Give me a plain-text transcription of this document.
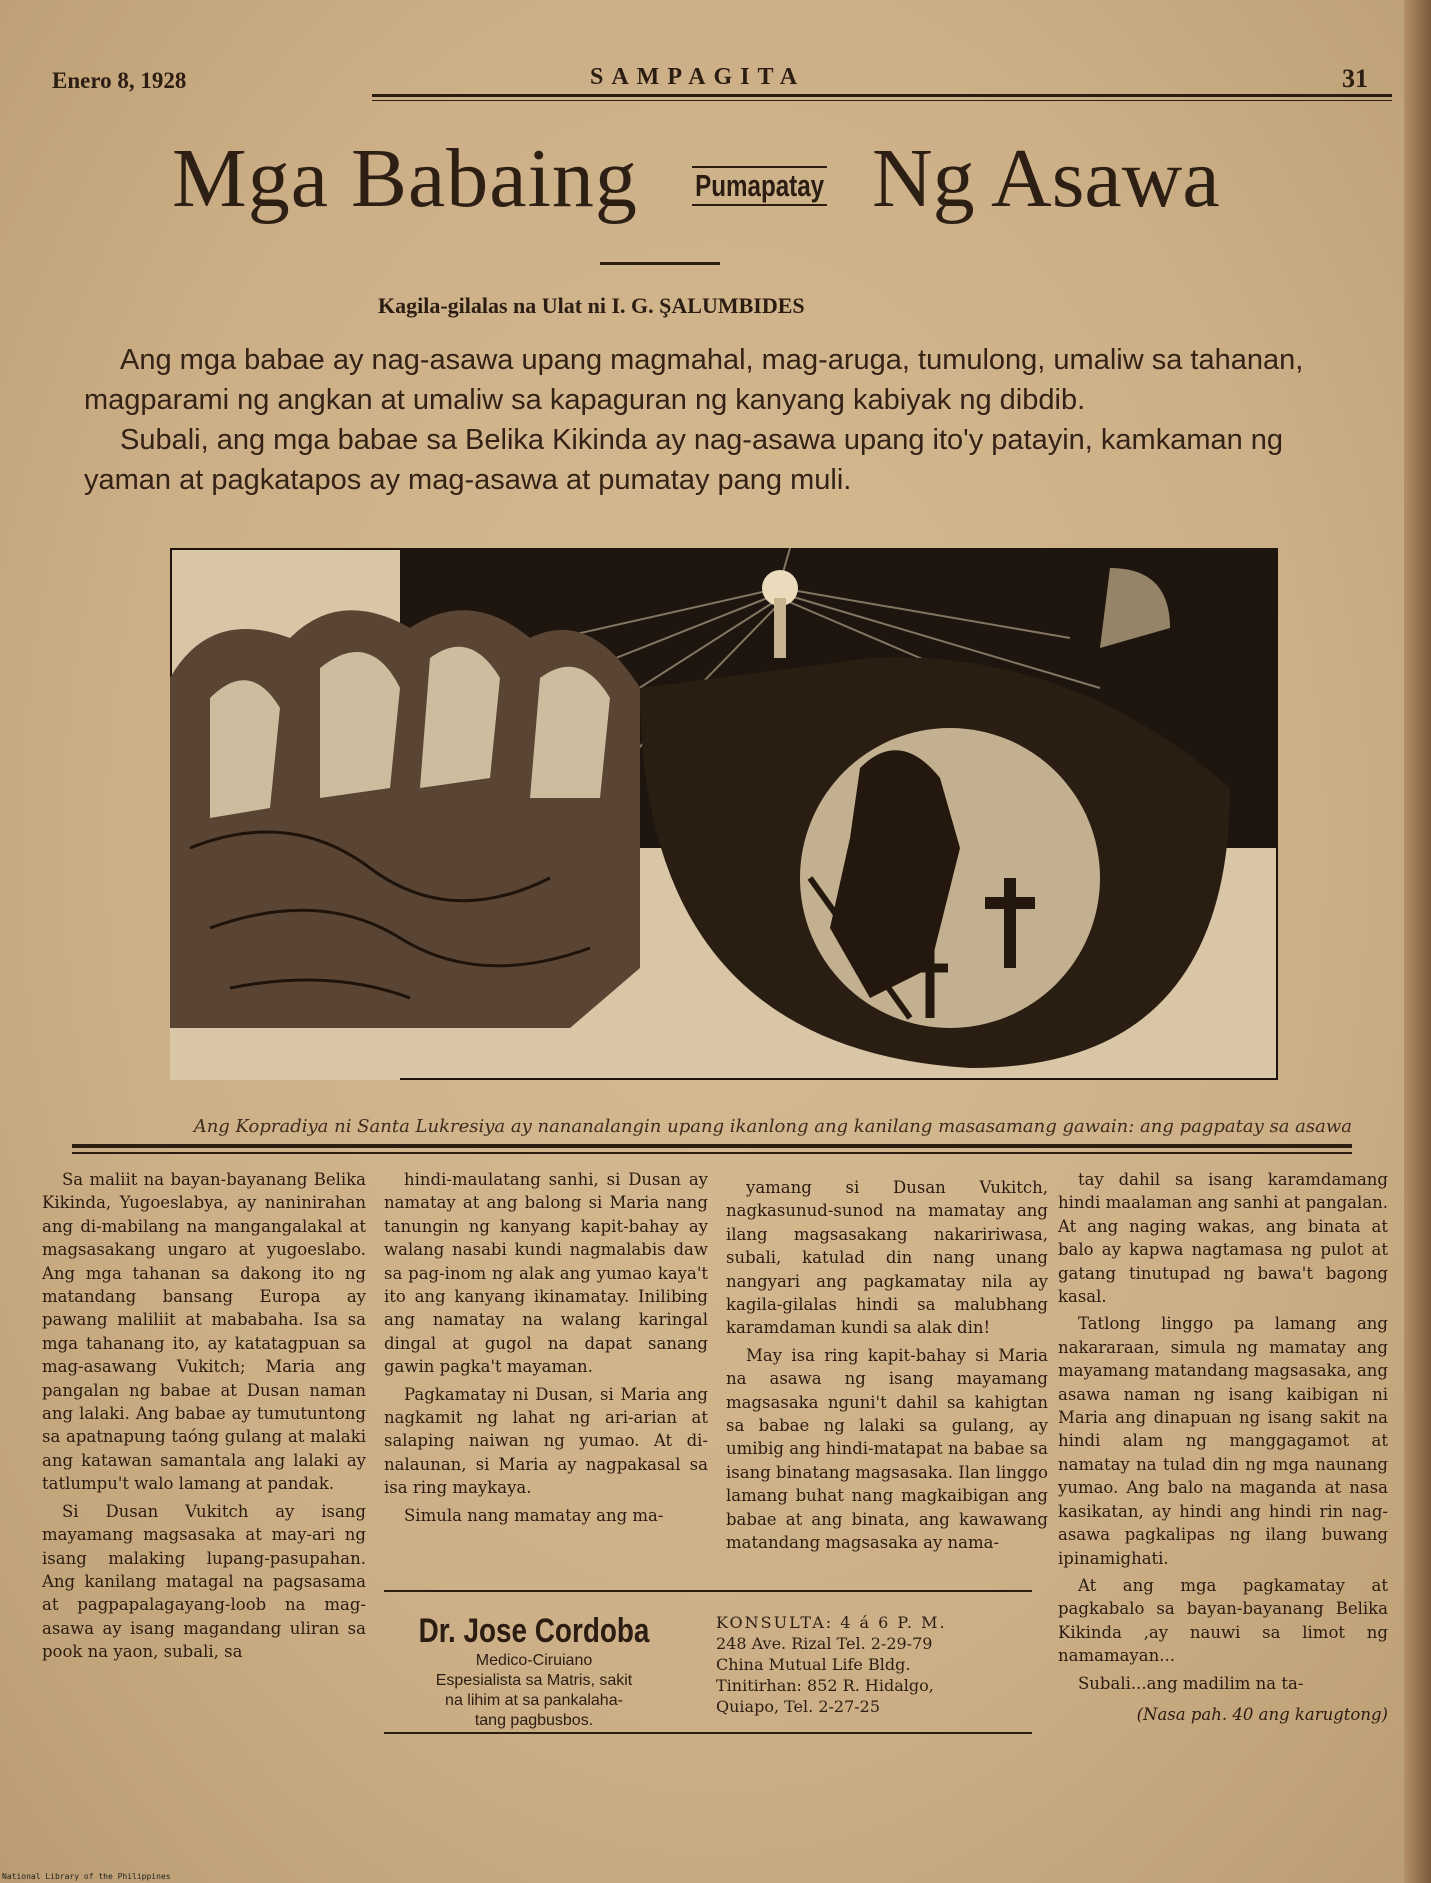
Enero 8, 1928	SAMPAGITA	31
Mga Babaing Pumapatay Ng Asawa
Kagila-gilalas na Ulat ni I. G. ŞALUMBIDES

Ang mga babae ay nag-asawa upang magmahal, mag-aruga, tumulong, umaliw sa tahanan, magparami ng angkan at umaliw sa kapaguran ng kanyang kabiyak ng dibdib.

Subali, ang mga babae sa Belika Kikinda ay nag-asawa upang ito'y patayin, kamkaman ng yaman at pagkatapos ay mag-asawa at pumatay pang muli.

J.R.
Ang Kopradiya ni Santa Lukresiya ay nananalangin upang ikanlong ang kanilang masasamang gawain: ang pagpatay sa asawa

Sa maliit na bayan-bayanang Belika Kikinda, Yugoeslabya, ay naninirahan ang di-mabilang na mangangalakal at magsasakang ungaro at yugoeslabo. Ang mga tahanan sa dakong ito ng matandang bansang Europa ay pawang maliliit at mababaha. Isa sa mga tahanang ito, ay katatagpuan sa mag-asawang Vukitch; Maria ang pangalan ng babae at Dusan naman ang lalaki. Ang babae ay tumutuntong sa apatnapung taóng gulang at malaki ang katawan samantala ang lalaki ay tatlumpu't walo lamang at pandak.

Si Dusan Vukitch ay isang mayamang magsasaka at may-ari ng isang malaking lupang-pasupahan. Ang kanilang matagal na pagsasama at pagpapalagayang-loob na mag-asawa ay isang magandang uliran sa pook na yaon, subali, sa

hindi-maulatang sanhi, si Dusan ay namatay at ang balong si Maria nang tanungin ng kanyang kapit-bahay ay walang nasabi kundi nagmalabis daw sa pag-inom ng alak ang yumao kaya't ito ang kanyang ikinamatay. Inilibing ang namatay na walang karingal dingal at gugol na dapat sanang gawin pagka't mayaman.

Pagkamatay ni Dusan, si Maria ang nagkamit ng lahat ng ari-arian at salaping naiwan ng yumao. At di-nalaunan, si Maria ay nagpakasal sa isa ring maykaya.

Simula nang mamatay ang ma-

yamang si Dusan Vukitch, nagkasunud-sunod na mamatay ang ilang magsasakang nakaririwasa, subali, katulad din nang unang nangyari ang pagkamatay nila ay kagila-gilalas hindi sa malubhang karamdaman kundi sa alak din!

May isa ring kapit-bahay si Maria na asawa ng isang mayamang magsasaka nguni't dahil sa kahigtan sa babae ng lalaki sa gulang, ay umibig ang hindi-matapat na babae sa isang binatang magsasaka. Ilan linggo lamang buhat nang magkaibigan ang babae at ang binata, ang kawawang matandang magsasaka ay nama-

tay dahil sa isang karamdamang hindi maalaman ang sanhi at pangalan. At ang naging wakas, ang binata at balo ay kapwa nagtamasa ng pulot at gatang tinutupad ng bawa't bagong kasal.

Tatlong linggo pa lamang ang nakararaan, simula ng mamatay ang mayamang matandang magsasaka, ang asawa naman ng isang kaibigan ni Maria ang dinapuan ng isang sakit na hindi alam ng manggagamot at namatay na tulad din ng mga naunang yumao. Ang balo na maganda at nasa kasikatan, ay hindi ang hindi rin nag-asawa pagkalipas ng ilang buwang ipinamighati.

At ang mga pagkamatay at pagkabalo sa bayan-bayanang Belika Kikinda ,ay nauwi sa limot ng namamayan...

Subali...ang madilim na ta-

(Nasa pah. 40 ang karugtong)

Dr. Jose Cordoba
Medico-Ciruiano
Espesialista sa Matris, sakit
na lihim at sa pankalaha-
tang pagbusbos.
KONSULTA: 4 á 6 P. M.
248 Ave. Rizal Tel. 2-29-79
China Mutual Life Bldg.
Tinitirhan: 852 R. Hidalgo,
Quiapo, Tel. 2-27-25
National Library of the Philippines
